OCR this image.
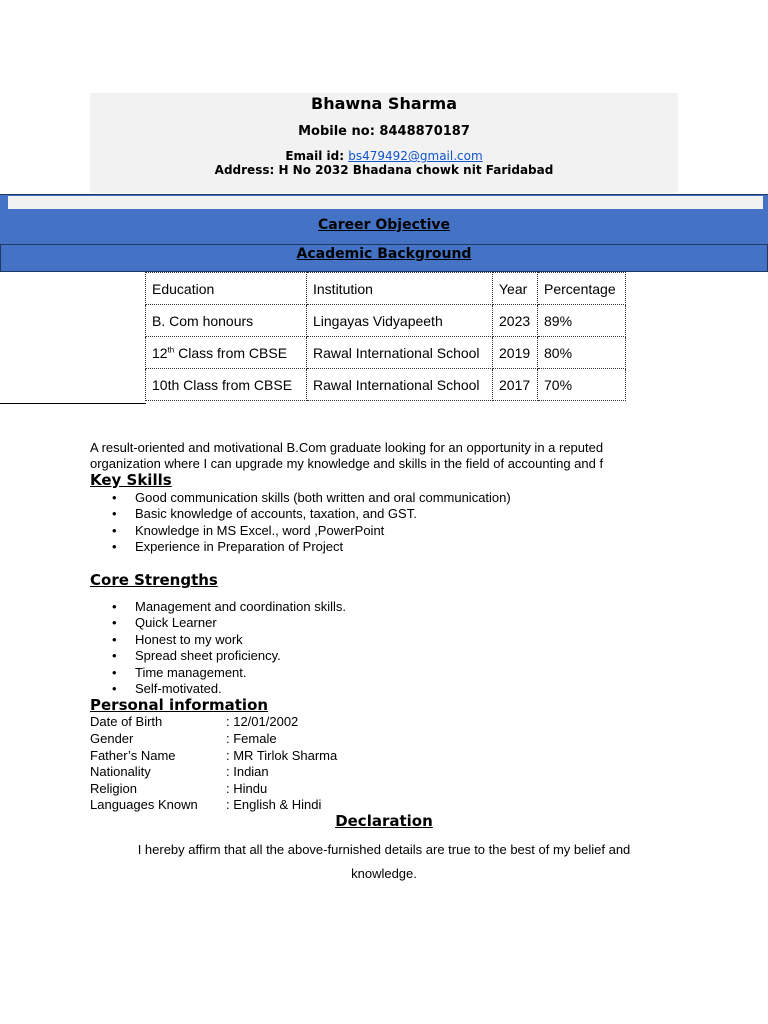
Bhawna Sharma
Mobile no: 8448870187
Email id: bs479492@gmail.com
Address: H No 2032 Bhadana chowk nit Faridabad
Career Objective
Academic Background
Education	Institution	Year	Percentage
B. Com honours	Lingayas Vidyapeeth	2023	89%
12th Class from CBSE	Rawal International School	2019	80%
10th Class from CBSE	Rawal International School	2017	70%
A result-oriented and motivational B.Com graduate looking for an opportunity in a reputed
organization where I can upgrade my knowledge and skills in the field of accounting and f
Key Skills
• Good communication skills (both written and oral communication)
• Basic knowledge of accounts, taxation, and GST.
• Knowledge in MS Excel., word ,PowerPoint
• Experience in Preparation of Project
Core Strengths
• Management and coordination skills.
• Quick Learner
• Honest to my work
• Spread sheet proficiency.
• Time management.
• Self-motivated.
Personal information
Date of Birth	: 12/01/2002
Gender	: Female
Father’s Name	: MR Tirlok Sharma
Nationality	: Indian
Religion	: Hindu
Languages Known	: English & Hindi
Declaration
I hereby affirm that all the above-furnished details are true to the best of my belief and
knowledge.
